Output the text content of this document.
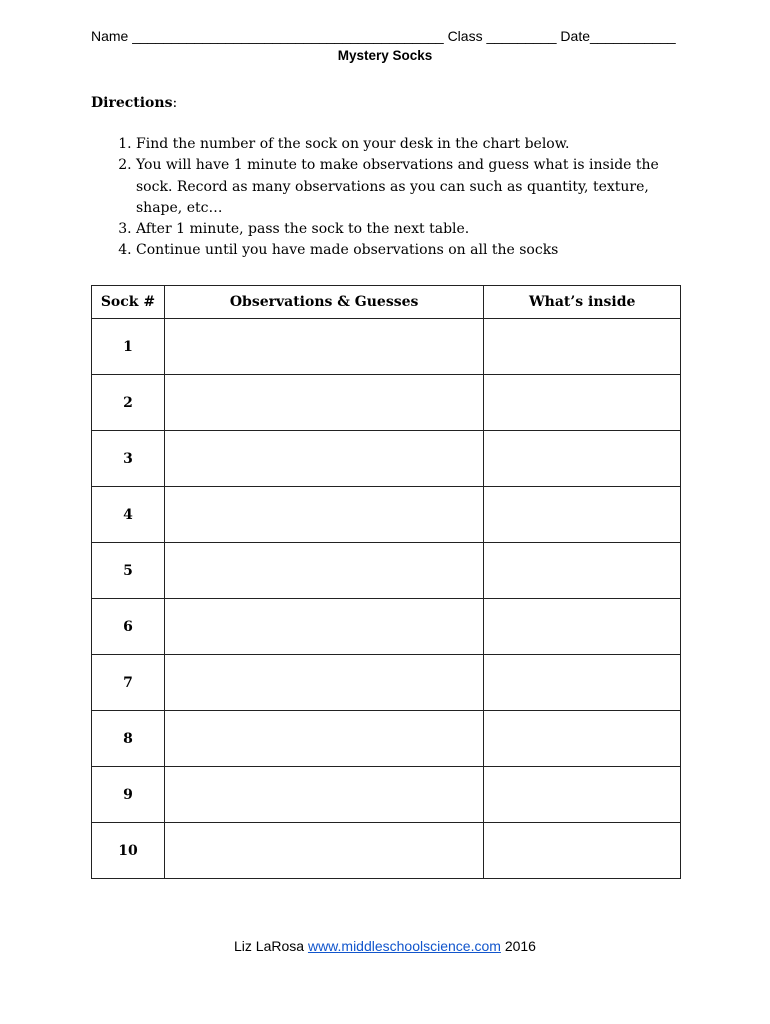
Name ________________________________________ Class _________ Date___________
Mystery Socks
Directions:
1. Find the number of the sock on your desk in the chart below.
2. You will have 1 minute to make observations and guess what is inside the sock. Record as many observations as you can such as quantity, texture, shape, etc…
3. After 1 minute, pass the sock to the next table.
4. Continue until you have made observations on all the socks
Sock #	Observations & Guesses	What’s inside
1		
2		
3		
4		
5		
6		
7		
8		
9		
10		
Liz LaRosa www.middleschoolscience.com 2016
